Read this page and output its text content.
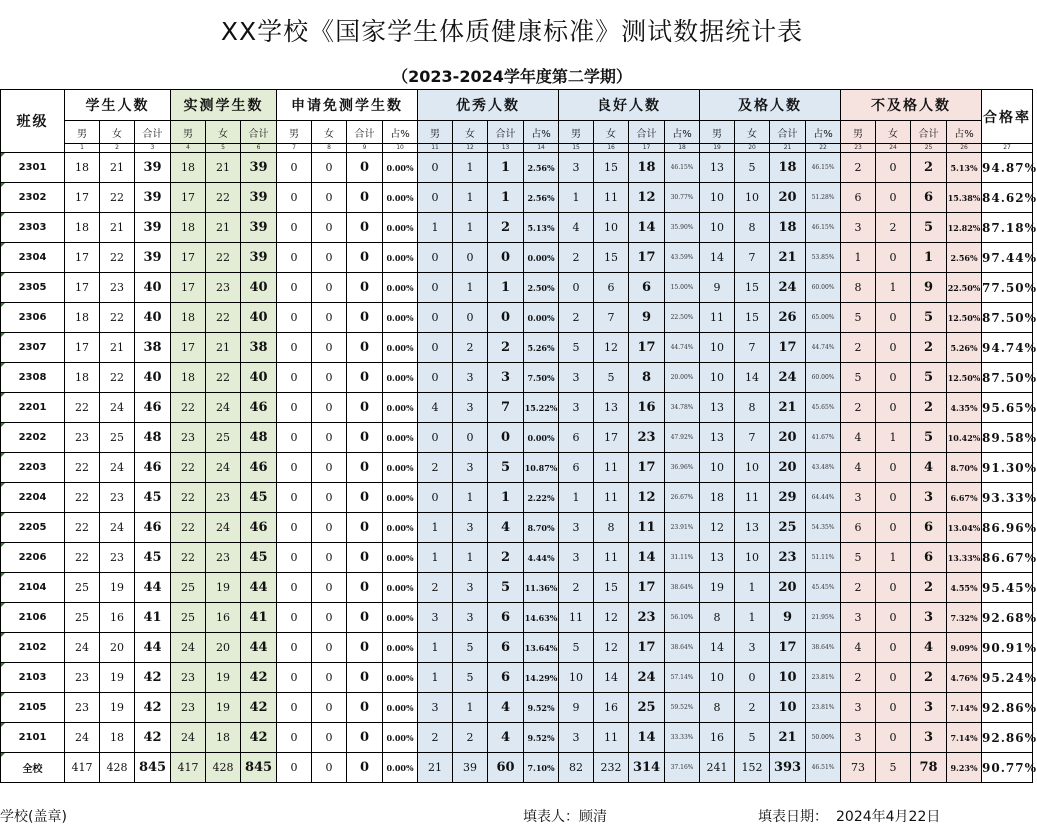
XX学校《国家学生体质健康标准》测试数据统计表
（2023-2024学年度第二学期）
班级	学生人数			实测学生数			申请免测学生数				优秀人数				良好人数				及格人数				不及格人数				合格率
	男	女	合计	男	女	合计	男	女	合计	占%	男	女	合计	占%	男	女	合计	占%	男	女	合计	占%	男	女	合计	占%	
	1	2	3	4	5	6	7	8	9	10	11	12	13	14	15	16	17	18	19	20	21	22	23	24	25	26	27

2301	18	21	39	18	21	39	0	0	0	0.00%	0	1	1	2.56%	3	15	18	46.15%	13	5	18	46.15%	2	0	2	5.13%	94.87%

2302	17	22	39	17	22	39	0	0	0	0.00%	0	1	1	2.56%	1	11	12	30.77%	10	10	20	51.28%	6	0	6	15.38%	84.62%

2303	18	21	39	18	21	39	0	0	0	0.00%	1	1	2	5.13%	4	10	14	35.90%	10	8	18	46.15%	3	2	5	12.82%	87.18%

2304	17	22	39	17	22	39	0	0	0	0.00%	0	0	0	0.00%	2	15	17	43.59%	14	7	21	53.85%	1	0	1	2.56%	97.44%

2305	17	23	40	17	23	40	0	0	0	0.00%	0	1	1	2.50%	0	6	6	15.00%	9	15	24	60.00%	8	1	9	22.50%	77.50%

2306	18	22	40	18	22	40	0	0	0	0.00%	0	0	0	0.00%	2	7	9	22.50%	11	15	26	65.00%	5	0	5	12.50%	87.50%

2307	17	21	38	17	21	38	0	0	0	0.00%	0	2	2	5.26%	5	12	17	44.74%	10	7	17	44.74%	2	0	2	5.26%	94.74%

2308	18	22	40	18	22	40	0	0	0	0.00%	0	3	3	7.50%	3	5	8	20.00%	10	14	24	60.00%	5	0	5	12.50%	87.50%

2201	22	24	46	22	24	46	0	0	0	0.00%	4	3	7	15.22%	3	13	16	34.78%	13	8	21	45.65%	2	0	2	4.35%	95.65%

2202	23	25	48	23	25	48	0	0	0	0.00%	0	0	0	0.00%	6	17	23	47.92%	13	7	20	41.67%	4	1	5	10.42%	89.58%

2203	22	24	46	22	24	46	0	0	0	0.00%	2	3	5	10.87%	6	11	17	36.96%	10	10	20	43.48%	4	0	4	8.70%	91.30%

2204	22	23	45	22	23	45	0	0	0	0.00%	0	1	1	2.22%	1	11	12	26.67%	18	11	29	64.44%	3	0	3	6.67%	93.33%

2205	22	24	46	22	24	46	0	0	0	0.00%	1	3	4	8.70%	3	8	11	23.91%	12	13	25	54.35%	6	0	6	13.04%	86.96%

2206	22	23	45	22	23	45	0	0	0	0.00%	1	1	2	4.44%	3	11	14	31.11%	13	10	23	51.11%	5	1	6	13.33%	86.67%

2104	25	19	44	25	19	44	0	0	0	0.00%	2	3	5	11.36%	2	15	17	38.64%	19	1	20	45.45%	2	0	2	4.55%	95.45%

2106	25	16	41	25	16	41	0	0	0	0.00%	3	3	6	14.63%	11	12	23	56.10%	8	1	9	21.95%	3	0	3	7.32%	92.68%

2102	24	20	44	24	20	44	0	0	0	0.00%	1	5	6	13.64%	5	12	17	38.64%	14	3	17	38.64%	4	0	4	9.09%	90.91%

2103	23	19	42	23	19	42	0	0	0	0.00%	1	5	6	14.29%	10	14	24	57.14%	10	0	10	23.81%	2	0	2	4.76%	95.24%

2105	23	19	42	23	19	42	0	0	0	0.00%	3	1	4	9.52%	9	16	25	59.52%	8	2	10	23.81%	3	0	3	7.14%	92.86%

2101	24	18	42	24	18	42	0	0	0	0.00%	2	2	4	9.52%	3	11	14	33.33%	16	5	21	50.00%	3	0	3	7.14%	92.86%

全校	417	428	845	417	428	845	0	0	0	0.00%	21	39	60	7.10%	82	232	314	37.16%	241	152	393	46.51%	73	5	78	9.23%	90.77%
学校(盖章)	填表人：顾清	填表日期： 2024年4月22日
